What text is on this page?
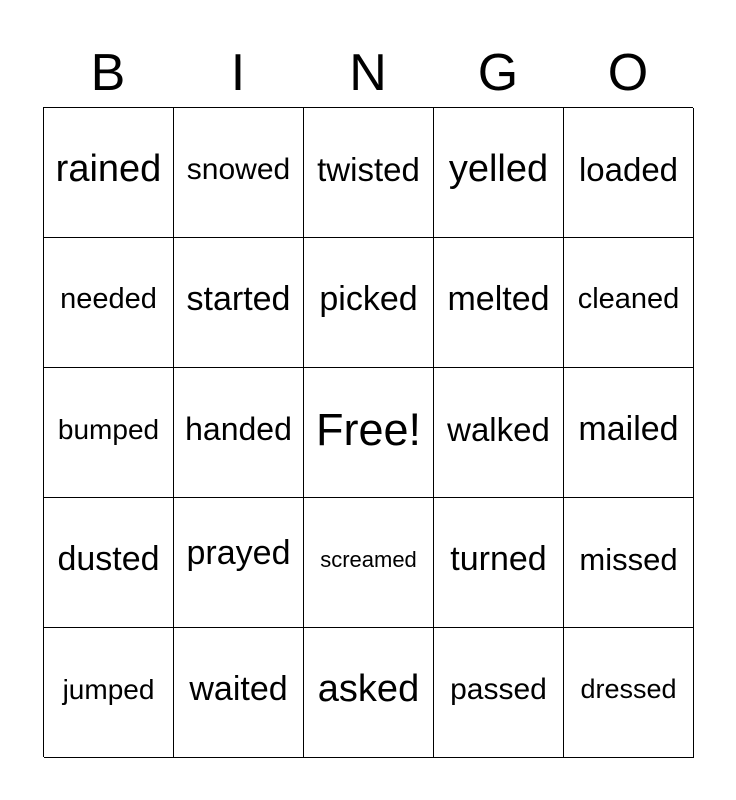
B	I	N	G	O
rained snowed twisted yelled loaded
needed started picked melted cleaned
bumped handed Free! walked mailed
dusted prayed	screamed turned	missed
jumped	waited asked	passed	dressed
